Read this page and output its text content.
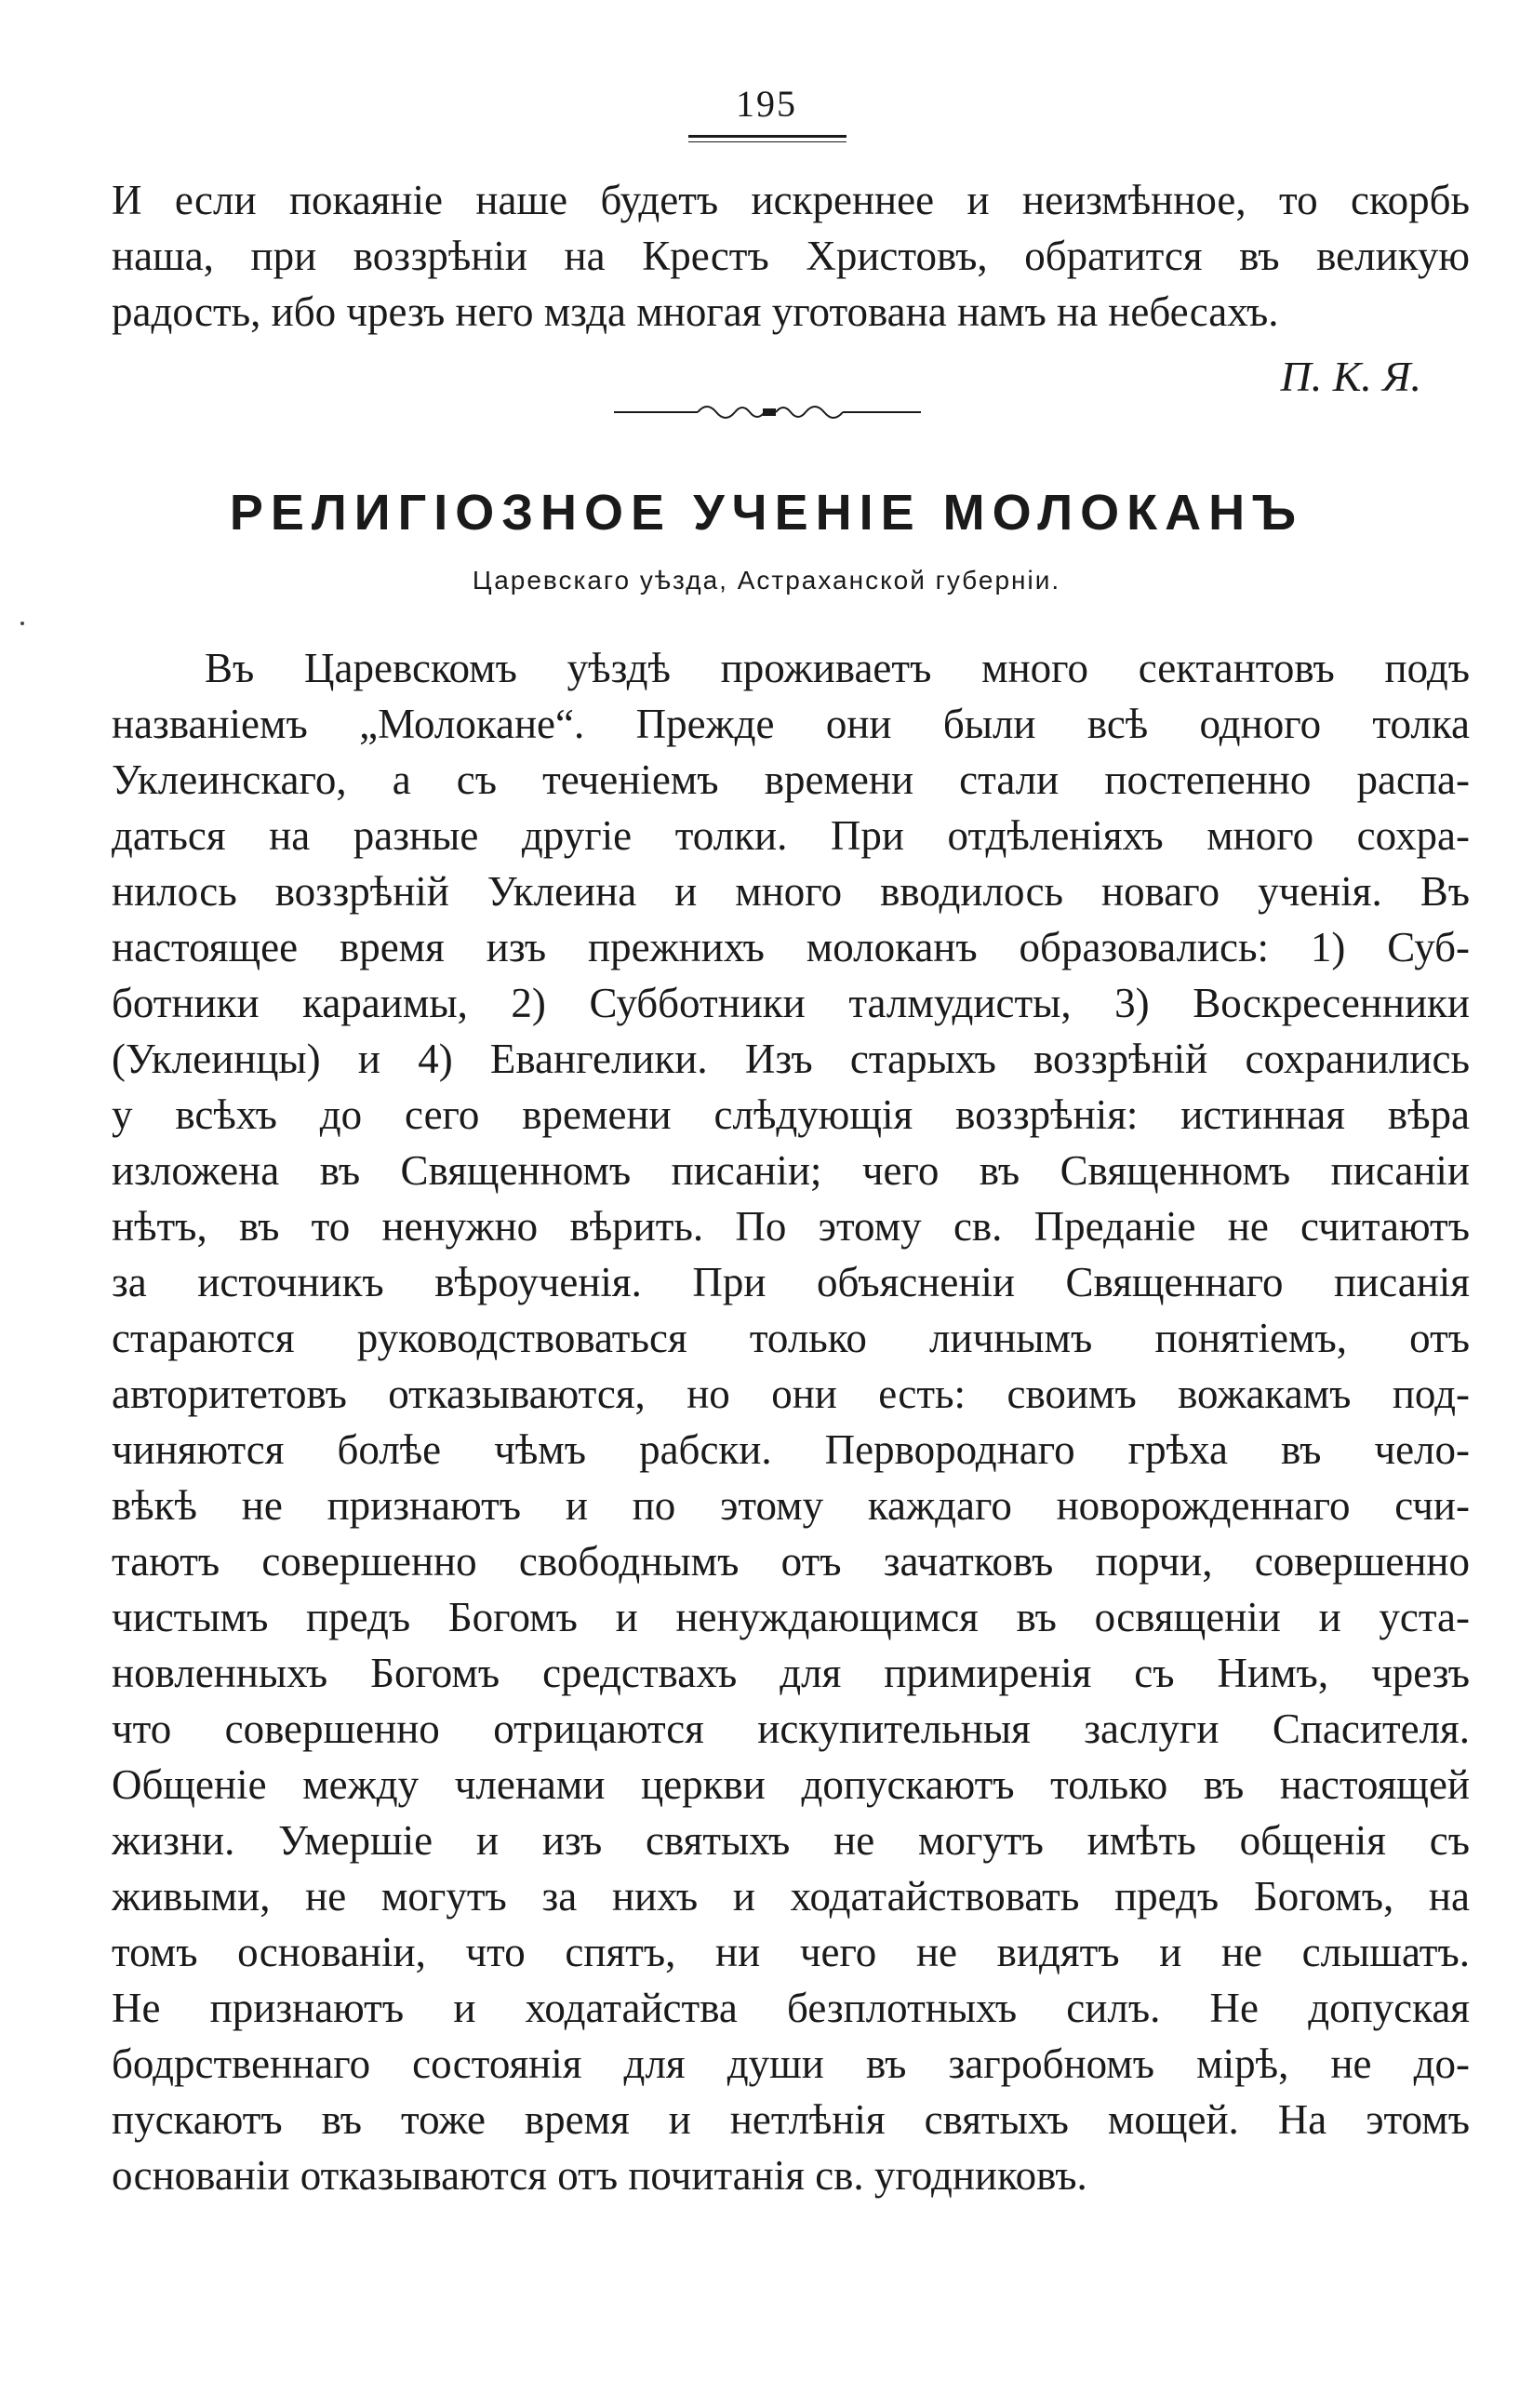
195
И если покаяніе наше будетъ искреннее и неизмѣнное, то скорбь
наша, при воззрѣніи на Крестъ Христовъ, обратится въ великую
радость, ибо чрезъ него мзда многая уготована намъ на небесахъ.
П. К. Я.
РЕЛИГІОЗНОЕ УЧЕНІЕ МОЛОКАНЪ
Царевскаго уѣзда, Астраханской губерніи.
Въ Царевскомъ уѣздѣ проживаетъ много сектантовъ подъ
названіемъ „Молокане“. Прежде они были всѣ одного толка
Уклеинскаго, а съ теченіемъ времени стали постепенно распа-
даться на разные другіе толки. При отдѣленіяхъ много сохра-
нилось воззрѣній Уклеина и много вводилось новаго ученія. Въ
настоящее время изъ прежнихъ молоканъ образовались: 1) Суб-
ботники караимы, 2) Субботники талмудисты, 3) Воскресенники
(Уклеинцы) и 4) Евангелики. Изъ старыхъ воззрѣній сохранились
у всѣхъ до сего времени слѣдующія воззрѣнія: истинная вѣра
изложена въ Священномъ писаніи; чего въ Священномъ писаніи
нѣтъ, въ то ненужно вѣрить. По этому св. Преданіе не считаютъ
за источникъ вѣроученія. При объясненіи Священнаго писанія
стараются руководствоваться только личнымъ понятіемъ, отъ
авторитетовъ отказываются, но они есть: своимъ вожакамъ под-
чиняются болѣе чѣмъ рабски. Первороднаго грѣха въ чело-
вѣкѣ не признаютъ и по этому каждаго новорожденнаго счи-
таютъ совершенно свободнымъ отъ зачатковъ порчи, совершенно
чистымъ предъ Богомъ и ненуждающимся въ освященіи и уста-
новленныхъ Богомъ средствахъ для примиренія съ Нимъ, чрезъ
что совершенно отрицаются искупительныя заслуги Спасителя.
Общеніе между членами церкви допускаютъ только въ настоящей
жизни. Умершіе и изъ святыхъ не могутъ имѣть общенія съ
живыми, не могутъ за нихъ и ходатайствовать предъ Богомъ, на
томъ основаніи, что спятъ, ни чего не видятъ и не слышатъ.
Не признаютъ и ходатайства безплотныхъ силъ. Не допуская
бодрственнаго состоянія для души въ загробномъ мірѣ, не до-
пускаютъ въ тоже время и нетлѣнія святыхъ мощей. На этомъ
основаніи отказываются отъ почитанія св. угодниковъ.
